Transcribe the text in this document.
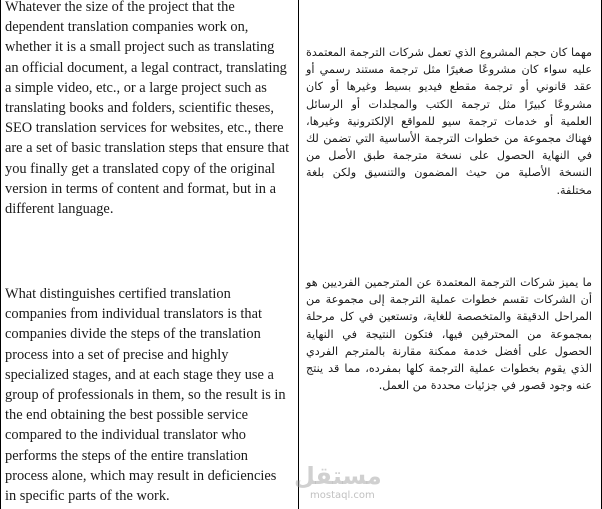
Whatever the size of the project that the dependent translation companies work on, whether it is a small project such as translating an official document, a legal contract, translating a simple video, etc., or a large project such as translating books and folders, scientific theses, SEO translation services for websites, etc., there are a set of basic translation steps that ensure that you finally get a translated copy of the original version in terms of content and format, but in a different language.

مهما كان حجم المشروع الذي تعمل شركات الترجمة المعتمدة عليه سواء كان مشروعًا صغيرًا مثل ترجمة مستند رسمي أو عقد قانوني أو ترجمة مقطع فيديو بسيط وغيرها أو كان مشروعًا كبيرًا مثل ترجمة الكتب والمجلدات أو الرسائل العلمية أو خدمات ترجمة سيو للمواقع الإلكترونية وغيرها، فهناك مجموعة من خطوات الترجمة الأساسية التي تضمن لك في النهاية الحصول على نسخة مترجمة طبق الأصل من النسخة الأصلية من حيث المضمون والتنسيق ولكن بلغة مختلفة.

What distinguishes certified translation companies from individual translators is that companies divide the steps of the translation process into a set of precise and highly specialized stages, and at each stage they use a group of professionals in them, so the result is in the end obtaining the best possible service compared to the individual translator who performs the steps of the entire translation process alone, which may result in deficiencies in specific parts of the work.

ما يميز شركات الترجمة المعتمدة عن المترجمين الفرديين هو أن الشركات تقسم خطوات عملية الترجمة إلى مجموعة من المراحل الدقيقة والمتخصصة للغاية، وتستعين في كل مرحلة بمجموعة من المحترفين فيها، فتكون النتيجة في النهاية الحصول على أفضل خدمة ممكنة مقارنة بالمترجم الفردي الذي يقوم بخطوات عملية الترجمة كلها بمفرده، مما قد ينتج عنه وجود قصور في جزئيات محددة من العمل.

مستقل
mostaql.com
